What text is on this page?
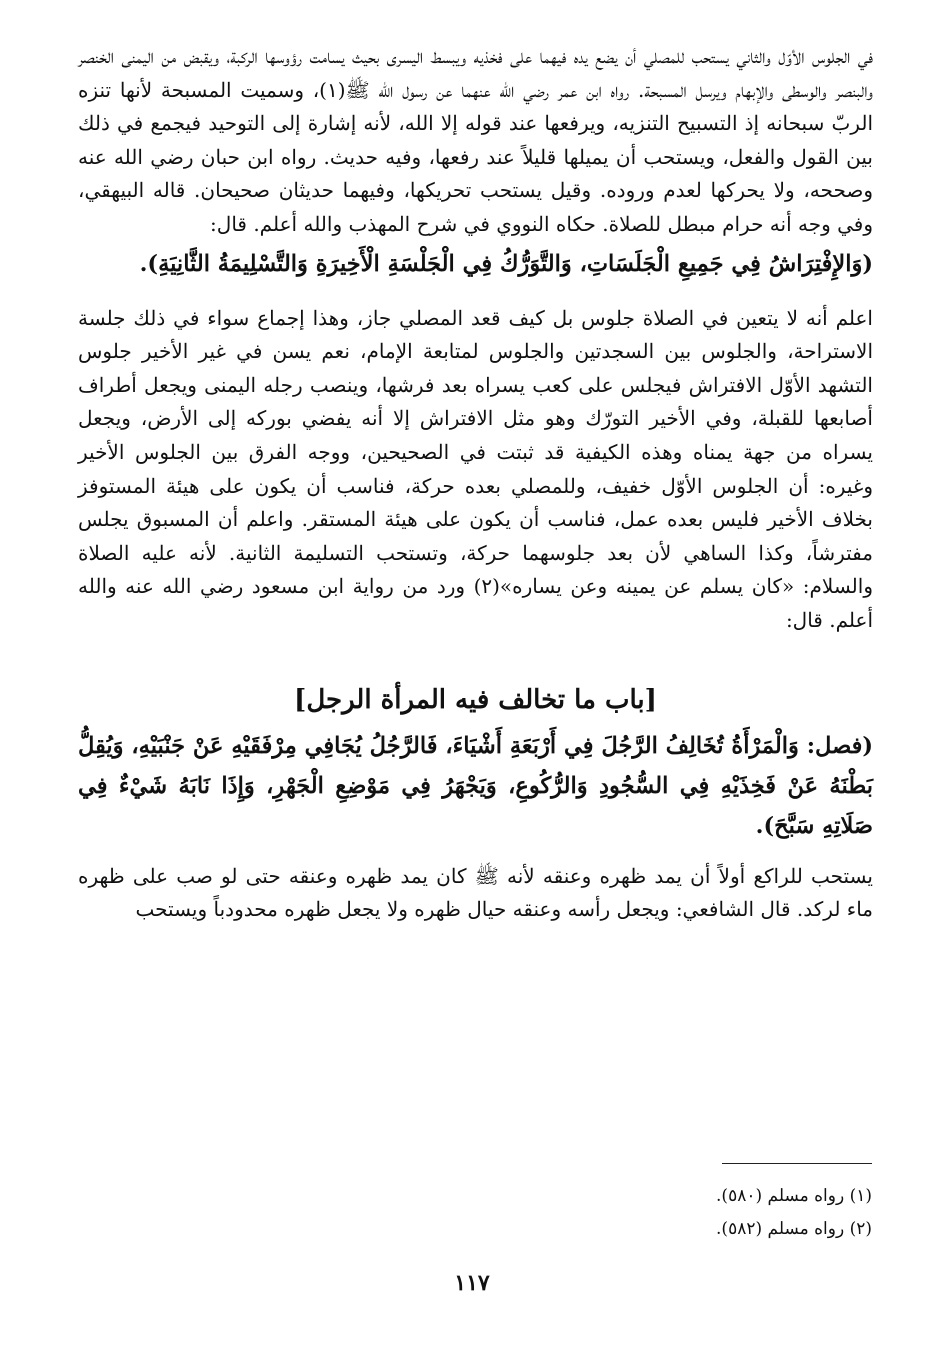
في الجلوس الأوّل والثاني يستحب للمصلي أن يضع يده فيهما على فخذيه ويبسط اليسرى بحيث يسامت رؤوسها الركبة، ويقبض من اليمنى الخنصر والبنصر والوسطى والإبهام ويرسل المسبحة. رواه ابن عمر رضي الله عنهما عن رسول الله ﷺ(١)، وسميت المسبحة لأنها تنزه الربّ سبحانه إذ التسبيح التنزيه، ويرفعها عند قوله إلا الله، لأنه إشارة إلى التوحيد فيجمع في ذلك بين القول والفعل، ويستحب أن يميلها قليلاً عند رفعها، وفيه حديث. رواه ابن حبان رضي الله عنه وصححه، ولا يحركها لعدم وروده. وقيل يستحب تحريكها، وفيهما حديثان صحيحان. قاله البيهقي، وفي وجه أنه حرام مبطل للصلاة. حكاه النووي في شرح المهذب والله أعلم. قال:

(وَالإِفْتِرَاشُ فِي جَمِيعِ الْجَلَسَاتِ، وَالتَّوَرُّكُ فِي الْجَلْسَةِ الْأَخِيرَةِ وَالتَّسْلِيمَةُ الثَّانِيَةِ).

اعلم أنه لا يتعين في الصلاة جلوس بل كيف قعد المصلي جاز، وهذا إجماع سواء في ذلك جلسة الاستراحة، والجلوس بين السجدتين والجلوس لمتابعة الإمام، نعم يسن في غير الأخير جلوس التشهد الأوّل الافتراش فيجلس على كعب يسراه بعد فرشها، وينصب رجله اليمنى ويجعل أطراف أصابعها للقبلة، وفي الأخير التورّك وهو مثل الافتراش إلا أنه يفضي بوركه إلى الأرض، ويجعل يسراه من جهة يمناه وهذه الكيفية قد ثبتت في الصحيحين، ووجه الفرق بين الجلوس الأخير وغيره: أن الجلوس الأوّل خفيف، وللمصلي بعده حركة، فناسب أن يكون على هيئة المستوفز بخلاف الأخير فليس بعده عمل، فناسب أن يكون على هيئة المستقر. واعلم أن المسبوق يجلس مفترشاً، وكذا الساهي لأن بعد جلوسهما حركة، وتستحب التسليمة الثانية. لأنه عليه الصلاة والسلام: «كان يسلم عن يمينه وعن يساره»(٢) ورد من رواية ابن مسعود رضي الله عنه والله أعلم. قال:

[باب ما تخالف فيه المرأة الرجل]

(فصل: وَالْمَرْأَةُ تُخَالِفُ الرَّجُلَ فِي أَرْبَعَةِ أَشْيَاءَ، فَالرَّجُلُ يُجَافِي مِرْفَقَيْهِ عَنْ جَنْبَيْهِ، وَيُقِلُّ بَطْنَهُ عَنْ فَخِذَيْهِ فِي السُّجُودِ وَالرُّكُوعِ، وَيَجْهَرُ فِي مَوْضِعِ الْجَهْرِ، وَإِذَا نَابَهُ شَيْءٌ فِي صَلَاتِهِ سَبَّحَ).

يستحب للراكع أولاً أن يمد ظهره وعنقه لأنه ﷺ كان يمد ظهره وعنقه حتى لو صب على ظهره ماء لركد. قال الشافعي: ويجعل رأسه وعنقه حيال ظهره ولا يجعل ظهره محدودباً ويستحب

(١) رواه مسلم (٥٨٠).
(٢) رواه مسلم (٥٨٢).
١١٧
